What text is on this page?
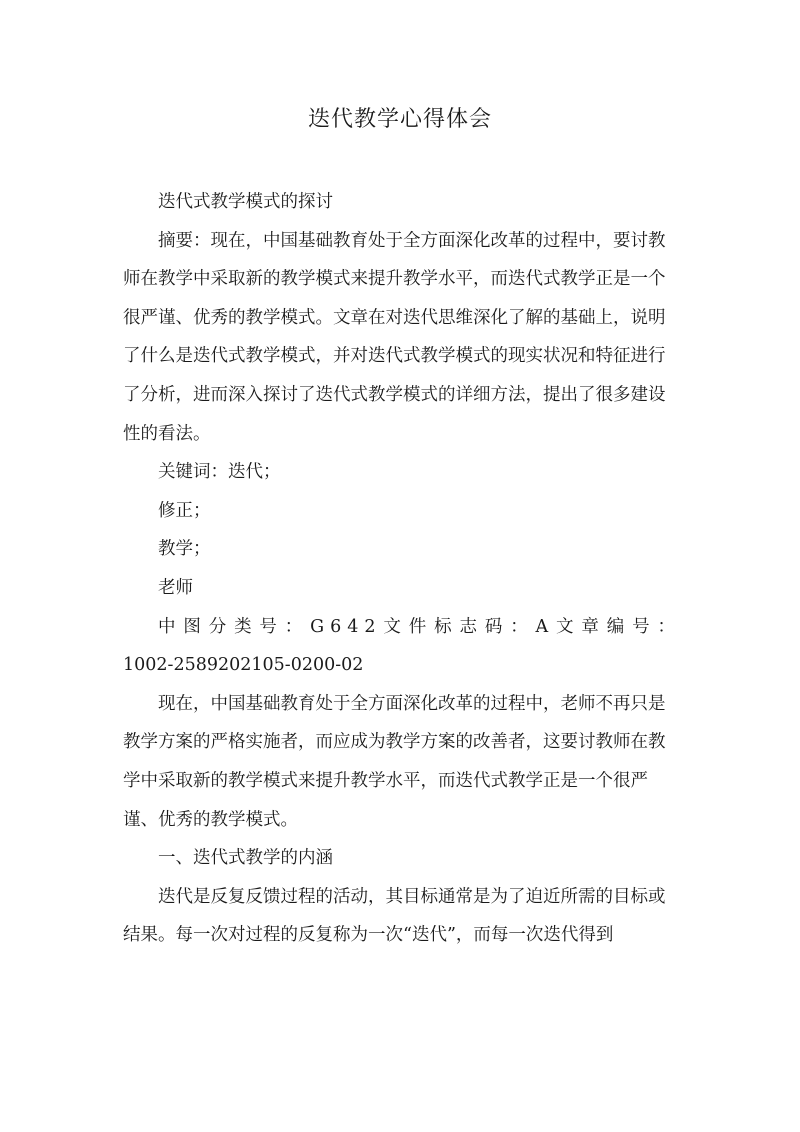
迭代教学心得体会

迭代式教学模式的探讨

摘要：现在，中国基础教育处于全方面深化改革的过程中，要讨教师在教学中采取新的教学模式来提升教学水平，而迭代式教学正是一个很严谨、优秀的教学模式。文章在对迭代思维深化了解的基础上，说明了什么是迭代式教学模式，并对迭代式教学模式的现实状况和特征进行了分析，进而深入探讨了迭代式教学模式的详细方法，提出了很多建设性的看法。

关键词：迭代；

修正；

教学；

老师

中图分类号：G642文件标志码：A文章编号：

1002-2589202105-0200-02

现在，中国基础教育处于全方面深化改革的过程中，老师不再只是教学方案的严格实施者，而应成为教学方案的改善者，这要讨教师在教学中采取新的教学模式来提升教学水平，而迭代式教学正是一个很严谨、优秀的教学模式。

一、迭代式教学的内涵

迭代是反复反馈过程的活动，其目标通常是为了迫近所需的目标或结果。每一次对过程的反复称为一次“迭代”，而每一次迭代得到
